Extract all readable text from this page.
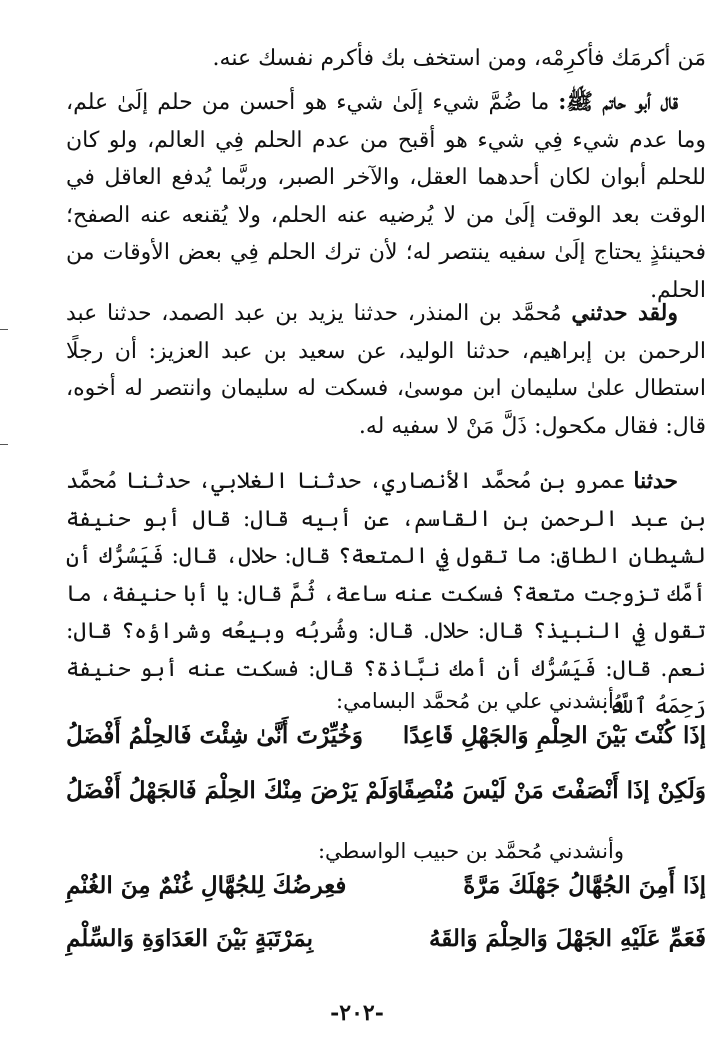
مَن أكرمَك فأكرِمْه، ومن استخف بك فأكرم نفسك عنه.
قال أبو حاتم ﷺ: ما ضُمَّ شيء إلَىٰ شيء هو أحسن من حلم إلَىٰ علم، وما عدم شيء فِي شيء هو أقبح من عدم الحلم فِي العالم، ولو كان للحلم أبوان لكان أحدهما العقل، والآخر الصبر، وربَّما يُدفع العاقل في الوقت بعد الوقت إلَىٰ من لا يُرضيه عنه الحلم، ولا يُقنعه عنه الصفح؛ فحينئذٍ يحتاج إلَىٰ سفيه ينتصر له؛ لأن ترك الحلم فِي بعض الأوقات من الحلم.
ولقد حدثني مُحمَّد بن المنذر، حدثنا يزيد بن عبد الصمد، حدثنا عبد الرحمن بن إبراهيم، حدثنا الوليد، عن سعيد بن عبد العزيز: أن رجلًا استطال علىٰ سليمان ابن موسىٰ، فسكت له سليمان وانتصر له أخوه، قال: فقال مكحول: ذَلَّ مَنْ لا سفيه له.
حدثنا عمرو بن مُحمَّد الأنصاري، حدثنا الغلابي، حدثنا مُحمَّد بن عبد الرحمن بن القاسم، عن أبيه قال: قال أبو حنيفة لشيطان الطاق: ما تقول فِي المتعة؟ قال: حلال، قال: فَيَسُرُّك أن أمَّك تزوجت متعة؟ فسكت عنه ساعة، ثُمَّ قال: يا أبا حنيفة، ما تقول فِي النبيذ؟ قال: حلال. قال: وشُربُه وبيعُه وشراؤه؟ قال: نعم. قال: فَيَسُرُّك أن أمك نبَّاذة؟ قال: فسكت عنه أبو حنيفة رَحِمَهُ ٱللَّهُ.
وأنشدني علي بن مُحمَّد البسامي:
إذَا كُنْتَ بَيْنَ الحِلْمِ وَالجَهْلِ قَاعِدًا
وَخُيِّرْتَ أَنَّىٰ شِئْتَ فَالحِلْمُ أَفْضَلُ
وَلَكِنْ إذَا أَنْصَفْتَ مَنْ لَيْسَ مُنْصِفًا
وَلَمْ يَرْضَ مِنْكَ الحِلْمَ فَالجَهْلُ أَفْضَلُ
وأنشدني مُحمَّد بن حبيب الواسطي:
إذَا أَمِنَ الجُهَّالُ جَهْلَكَ مَرَّةً
فعِرضُكَ لِلجُهَّالِ غُنْمٌ مِنَ الغُنْمِ
فَعَمِّ عَلَيْهِ الجَهْلَ وَالحِلْمَ وَالقَهُ
بِمَرْتَبَةٍ بَيْنَ العَدَاوَةِ وَالسِّلْمِ
-٢٠٢-
